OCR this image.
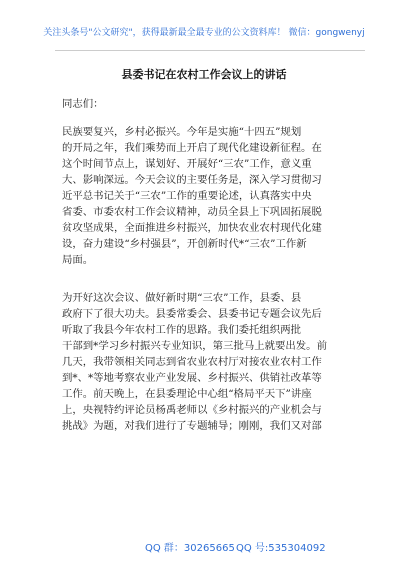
关注头条号"公文研究"，获得最新最全最专业的公文资料库！ 微信：gongwenyj
县委书记在农村工作会议上的讲话
同志们：
民族要复兴，乡村必振兴。今年是实施“十四五”规划
的开局之年，我们乘势而上开启了现代化建设新征程。在
这个时间节点上，谋划好、开展好“三农”工作，意义重
大、影响深远。今天会议的主要任务是，深入学习贯彻习
近平总书记关于“三农”工作的重要论述，认真落实中央
省委、市委农村工作会议精神，动员全县上下巩固拓展脱
贫攻坚成果，全面推进乡村振兴，加快农业农村现代化建
设，奋力建设“乡村强县”，开创新时代*“三农”工作新
局面。
为开好这次会议、做好新时期“三农”工作，县委、县
政府下了很大功夫。县委常委会、县委书记专题会议先后
听取了我县今年农村工作的思路。我们委托组织两批
干部到*学习乡村振兴专业知识，第三批马上就要出发。前
几天，我带领相关同志到省农业农村厅对接农业农村工作
到*、*等地考察农业产业发展、乡村振兴、供销社改革等
工作。前天晚上，在县委理论中心组“格局平天下”讲座
上，央视特约评论员杨禹老师以《乡村振兴的产业机会与
挑战》为题，对我们进行了专题辅导；刚刚，我们又对部
QQ 群：30265665 QQ 号:535304092
